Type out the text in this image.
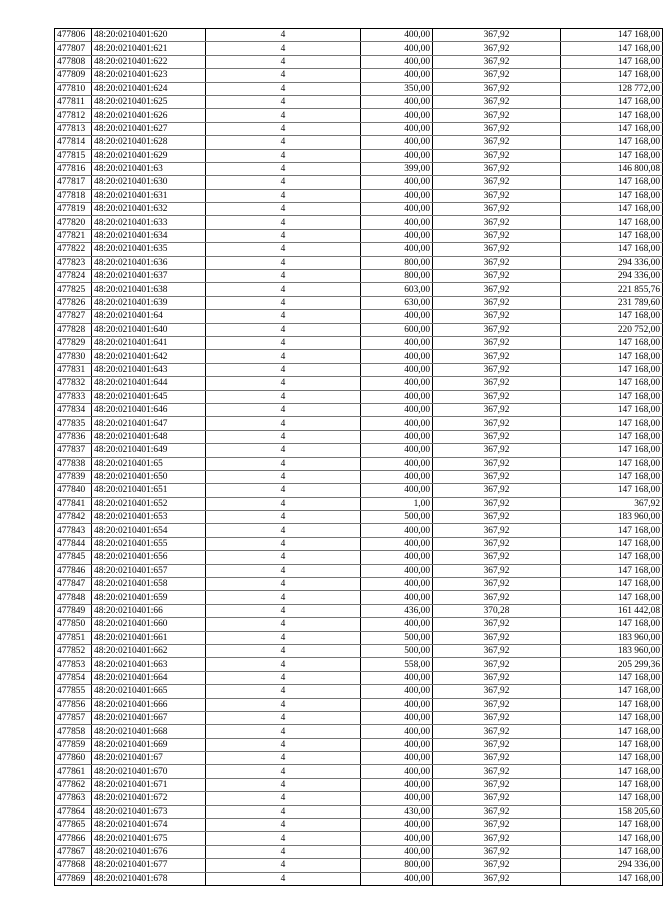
477806	48:20:0210401:620	4	400,00	367,92	147 168,00
477807	48:20:0210401:621	4	400,00	367,92	147 168,00
477808	48:20:0210401:622	4	400,00	367,92	147 168,00
477809	48:20:0210401:623	4	400,00	367,92	147 168,00
477810	48:20:0210401:624	4	350,00	367,92	128 772,00
477811	48:20:0210401:625	4	400,00	367,92	147 168,00
477812	48:20:0210401:626	4	400,00	367,92	147 168,00
477813	48:20:0210401:627	4	400,00	367,92	147 168,00
477814	48:20:0210401:628	4	400,00	367,92	147 168,00
477815	48:20:0210401:629	4	400,00	367,92	147 168,00
477816	48:20:0210401:63	4	399,00	367,92	146 800,08
477817	48:20:0210401:630	4	400,00	367,92	147 168,00
477818	48:20:0210401:631	4	400,00	367,92	147 168,00
477819	48:20:0210401:632	4	400,00	367,92	147 168,00
477820	48:20:0210401:633	4	400,00	367,92	147 168,00
477821	48:20:0210401:634	4	400,00	367,92	147 168,00
477822	48:20:0210401:635	4	400,00	367,92	147 168,00
477823	48:20:0210401:636	4	800,00	367,92	294 336,00
477824	48:20:0210401:637	4	800,00	367,92	294 336,00
477825	48:20:0210401:638	4	603,00	367,92	221 855,76
477826	48:20:0210401:639	4	630,00	367,92	231 789,60
477827	48:20:0210401:64	4	400,00	367,92	147 168,00
477828	48:20:0210401:640	4	600,00	367,92	220 752,00
477829	48:20:0210401:641	4	400,00	367,92	147 168,00
477830	48:20:0210401:642	4	400,00	367,92	147 168,00
477831	48:20:0210401:643	4	400,00	367,92	147 168,00
477832	48:20:0210401:644	4	400,00	367,92	147 168,00
477833	48:20:0210401:645	4	400,00	367,92	147 168,00
477834	48:20:0210401:646	4	400,00	367,92	147 168,00
477835	48:20:0210401:647	4	400,00	367,92	147 168,00
477836	48:20:0210401:648	4	400,00	367,92	147 168,00
477837	48:20:0210401:649	4	400,00	367,92	147 168,00
477838	48:20:0210401:65	4	400,00	367,92	147 168,00
477839	48:20:0210401:650	4	400,00	367,92	147 168,00
477840	48:20:0210401:651	4	400,00	367,92	147 168,00
477841	48:20:0210401:652	4	1,00	367,92	367,92
477842	48:20:0210401:653	4	500,00	367,92	183 960,00
477843	48:20:0210401:654	4	400,00	367,92	147 168,00
477844	48:20:0210401:655	4	400,00	367,92	147 168,00
477845	48:20:0210401:656	4	400,00	367,92	147 168,00
477846	48:20:0210401:657	4	400,00	367,92	147 168,00
477847	48:20:0210401:658	4	400,00	367,92	147 168,00
477848	48:20:0210401:659	4	400,00	367,92	147 168,00
477849	48:20:0210401:66	4	436,00	370,28	161 442,08
477850	48:20:0210401:660	4	400,00	367,92	147 168,00
477851	48:20:0210401:661	4	500,00	367,92	183 960,00
477852	48:20:0210401:662	4	500,00	367,92	183 960,00
477853	48:20:0210401:663	4	558,00	367,92	205 299,36
477854	48:20:0210401:664	4	400,00	367,92	147 168,00
477855	48:20:0210401:665	4	400,00	367,92	147 168,00
477856	48:20:0210401:666	4	400,00	367,92	147 168,00
477857	48:20:0210401:667	4	400,00	367,92	147 168,00
477858	48:20:0210401:668	4	400,00	367,92	147 168,00
477859	48:20:0210401:669	4	400,00	367,92	147 168,00
477860	48:20:0210401:67	4	400,00	367,92	147 168,00
477861	48:20:0210401:670	4	400,00	367,92	147 168,00
477862	48:20:0210401:671	4	400,00	367,92	147 168,00
477863	48:20:0210401:672	4	400,00	367,92	147 168,00
477864	48:20:0210401:673	4	430,00	367,92	158 205,60
477865	48:20:0210401:674	4	400,00	367,92	147 168,00
477866	48:20:0210401:675	4	400,00	367,92	147 168,00
477867	48:20:0210401:676	4	400,00	367,92	147 168,00
477868	48:20:0210401:677	4	800,00	367,92	294 336,00
477869	48:20:0210401:678	4	400,00	367,92	147 168,00
